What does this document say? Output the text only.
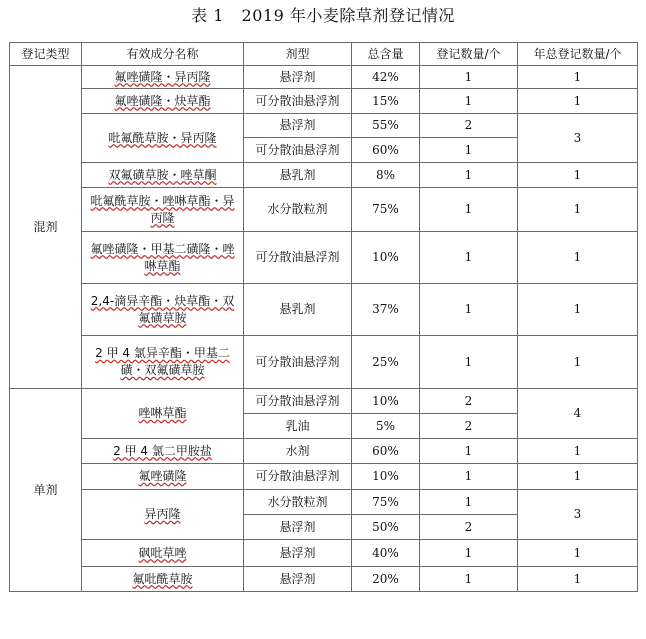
表 1 2019 年小麦除草剂登记情况
登记类型	有效成分名称	剂型	总含量	登记数量/个	年总登记数量/个
混剂	氟唑磺隆・异丙隆	悬浮剂	42%	1	1
	氟唑磺隆・炔草酯	可分散油悬浮剂	15%	1	1
	吡氟酰草胺・异丙隆	悬浮剂	55%	2	3
		可分散油悬浮剂	60%	1	
	双氟磺草胺・唑草酮	悬乳剂	8%	1	1
	吡氟酰草胺・唑啉草酯・异丙隆	水分散粒剂	75%	1	1
	氟唑磺隆・甲基二磺隆・唑啉草酯	可分散油悬浮剂	10%	1	1
	2,4-滴异辛酯・炔草酯・双氟磺草胺	悬乳剂	37%	1	1
	2 甲 4 氯异辛酯・甲基二磺・双氟磺草胺	可分散油悬浮剂	25%	1	1
单剂	唑啉草酯	可分散油悬浮剂	10%	2	4
		乳油	5%	2	
	2 甲 4 氯二甲胺盐	水剂	60%	1	1
	氟唑磺隆	可分散油悬浮剂	10%	1	1
	异丙隆	水分散粒剂	75%	1	3
		悬浮剂	50%	2	
	砜吡草唑	悬浮剂	40%	1	1
	氟吡酰草胺	悬浮剂	20%	1	1
